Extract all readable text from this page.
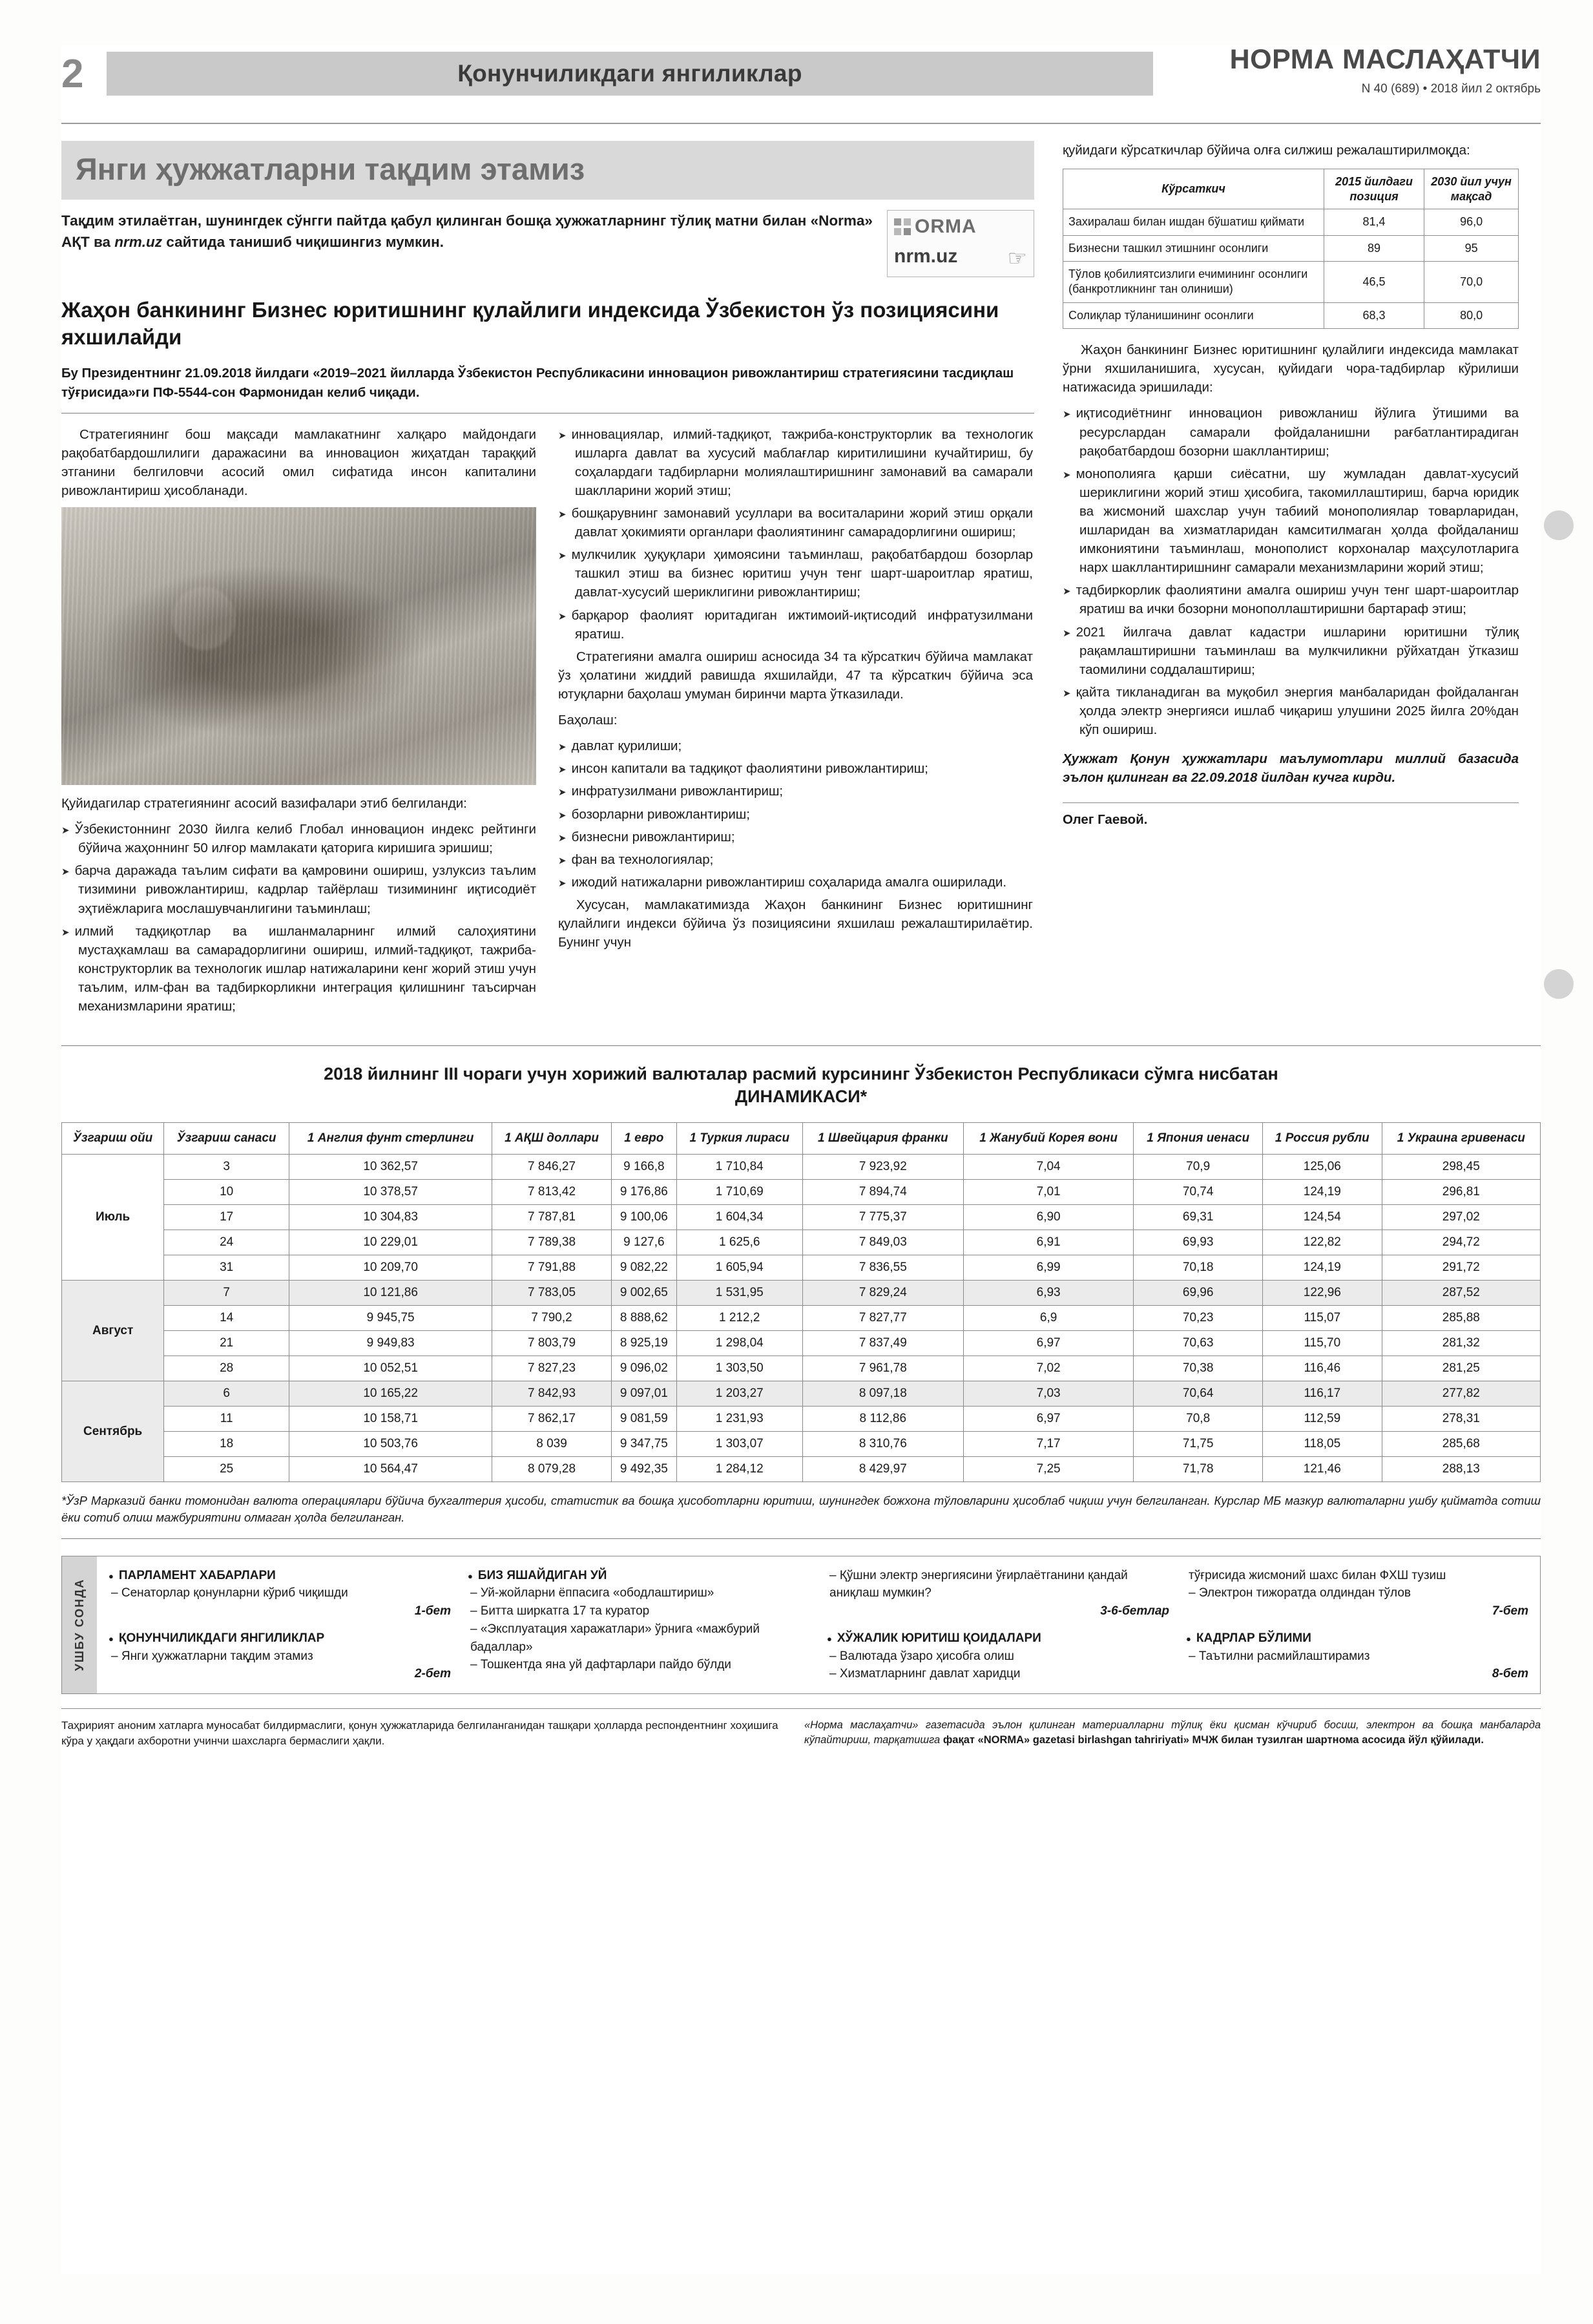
2	Қонунчиликдаги янгиликлар	НОРМА МАСЛАҲАТЧИ
N 40 (689) • 2018 йил 2 октябрь
Янги ҳужжатларни тақдим этамиз
Тақдим этилаётган, шунингдек сўнгги пайтда қабул қилинган бошқа ҳужжатларнинг тўлиқ матни билан «Norma» АҚТ ва nrm.uz сайтида танишиб чиқишингиз мумкин.
ORMA
nrm.uz	☞
Жаҳон банкининг Бизнес юритишнинг қулайлиги индексида Ўзбекистон ўз позициясини яхшилайди
Бу Президентнинг 21.09.2018 йилдаги «2019–2021 йилларда Ўзбекистон Республикасини инновацион ривожлантириш стратегиясини тасдиқлаш тўғрисида»ги ПФ-5544-сон Фармонидан келиб чиқади.

Стратегиянинг бош мақсади мамлакатнинг халқаро майдондаги рақобатбардошлилиги даражасини ва инновацион жиҳатдан тараққий этганини белгиловчи асосий омил сифатида инсон капиталини ривожлантириш ҳисобланади.

Қуйидагилар стратегиянинг асосий вазифалари этиб белгиланди:

➤ Ўзбекистоннинг 2030 йилга келиб Глобал инновацион индекс рейтинги бўйича жаҳоннинг 50 илғор мамлакати қаторига киришига эришиш;

➤ барча даражада таълим сифати ва қамровини ошириш, узлуксиз таълим тизимини ривожлантириш, кадрлар тайёрлаш тизимининг иқтисодиёт эҳтиёжларига мослашувчанлигини таъминлаш;

➤ илмий тадқиқотлар ва ишланмаларнинг илмий салоҳиятини мустаҳкамлаш ва самарадорлигини ошириш, илмий-тадқиқот, тажриба-конструкторлик ва технологик ишлар натижаларини кенг жорий этиш учун таълим, илм-фан ва тадбиркорликни интеграция қилишнинг таъсирчан механизмларини яратиш;

➤ инновациялар, илмий-тадқиқот, тажриба-конструкторлик ва технологик ишларга давлат ва хусусий маблағлар киритилишини кучайтириш, бу соҳалардаги тадбирларни молиялаштиришнинг замонавий ва самарали шаклларини жорий этиш;

➤ бошқарувнинг замонавий усуллари ва воситаларини жорий этиш орқали давлат ҳокимияти органлари фаолиятининг самарадорлигини ошириш;

➤ мулкчилик ҳуқуқлари ҳимоясини таъминлаш, рақобатбардош бозорлар ташкил этиш ва бизнес юритиш учун тенг шарт-шароитлар яратиш, давлат-хусусий шериклигини ривожлантириш;

➤ барқарор фаолият юритадиган ижтимоий-иқтисодий инфратузилмани яратиш.

Стратегияни амалга ошириш асносида 34 та кўрсаткич бўйича мамлакат ўз ҳолатини жиддий равишда яхшилайди, 47 та кўрсаткич бўйича эса ютуқларни баҳолаш умуман биринчи марта ўтказилади.

Баҳолаш:

➤ давлат қурилиши;

➤ инсон капитали ва тадқиқот фаолиятини ривожлантириш;

➤ инфратузилмани ривожлантириш;

➤ бозорларни ривожлантириш;

➤ бизнесни ривожлантириш;

➤ фан ва технологиялар;

➤ ижодий натижаларни ривожлантириш соҳаларида амалга оширилади.

Хусусан, мамлакатимизда Жаҳон банкининг Бизнес юритишнинг қулайлиги индекси бўйича ўз позициясини яхшилаш режалаштирилаётир. Бунинг учун

қуйидаги кўрсаткичлар бўйича олға силжиш режалаштирилмоқда:

Кўрсаткич	2015 йилдаги позиция	2030 йил учун мақсад
Захиралаш билан ишдан бўшатиш қиймати	81,4	96,0
Бизнесни ташкил этишнинг осонлиги	89	95
Тўлов қобилиятсизлиги ечимининг осонлиги (банкротликнинг тан олиниши)	46,5	70,0
Солиқлар тўланишининг осонлиги	68,3	80,0

Жаҳон банкининг Бизнес юритишнинг қулайлиги индексида мамлакат ўрни яхшиланишига, хусусан, қуйидаги чора-тадбирлар кўрилиши натижасида эришилади:

➤ иқтисодиётнинг инновацион ривожланиш йўлига ўтишими ва ресурслардан самарали фойдаланишни рағбатлантирадиган рақобатбардош бозорни шакллантириш;

➤ монополияга қарши сиёсатни, шу жумладан давлат-хусусий шериклигини жорий этиш ҳисобига, такомиллаштириш, барча юридик ва жисмоний шахслар учун табиий монополиялар товарларидан, ишларидан ва хизматларидан камситилмаган ҳолда фойдаланиш имкониятини таъминлаш, монополист корхоналар маҳсулотларига нарх шакллантиришнинг самарали механизмларини жорий этиш;

➤ тадбиркорлик фаолиятини амалга ошириш учун тенг шарт-шароитлар яратиш ва ички бозорни монополлаштиришни бартараф этиш;

➤ 2021 йилгача давлат кадастри ишларини юритишни тўлиқ рақамлаштиришни таъминлаш ва мулкчиликни рўйхатдан ўтказиш таомилини соддалаштириш;

➤ қайта тикланадиган ва муқобил энергия манбаларидан фойдаланган ҳолда электр энергияси ишлаб чиқариш улушини 2025 йилга 20%дан кўп ошириш.

Ҳужжат Қонун ҳужжатлари маълумотлари миллий базасида эълон қилинган ва 22.09.2018 йилдан кучга кирди.

Олег Гаевой.
2018 йилнинг III чораги учун хорижий валюталар расмий курсининг Ўзбекистон Республикаси сўмга нисбатан
ДИНАМИКАСИ*
Ўзгариш ойи	Ўзгариш санаси	1 Англия фунт стерлинги	1 АҚШ доллари	1 евро	1 Туркия лираси	1 Швейцария франки	1 Жанубий Корея вони	1 Япония иенаси	1 Россия рубли	1 Украина гривенаси
Июль	3	10 362,57	7 846,27	9 166,8	1 710,84	7 923,92	7,04	70,9	125,06	298,45
	10	10 378,57	7 813,42	9 176,86	1 710,69	7 894,74	7,01	70,74	124,19	296,81
	17	10 304,83	7 787,81	9 100,06	1 604,34	7 775,37	6,90	69,31	124,54	297,02
	24	10 229,01	7 789,38	9 127,6	1 625,6	7 849,03	6,91	69,93	122,82	294,72
	31	10 209,70	7 791,88	9 082,22	1 605,94	7 836,55	6,99	70,18	124,19	291,72
Август	7	10 121,86	7 783,05	9 002,65	1 531,95	7 829,24	6,93	69,96	122,96	287,52
	14	9 945,75	7 790,2	8 888,62	1 212,2	7 827,77	6,9	70,23	115,07	285,88
	21	9 949,83	7 803,79	8 925,19	1 298,04	7 837,49	6,97	70,63	115,70	281,32
	28	10 052,51	7 827,23	9 096,02	1 303,50	7 961,78	7,02	70,38	116,46	281,25
Сентябрь	6	10 165,22	7 842,93	9 097,01	1 203,27	8 097,18	7,03	70,64	116,17	277,82
	11	10 158,71	7 862,17	9 081,59	1 231,93	8 112,86	6,97	70,8	112,59	278,31
	18	10 503,76	8 039	9 347,75	1 303,07	8 310,76	7,17	71,75	118,05	285,68
	25	10 564,47	8 079,28	9 492,35	1 284,12	8 429,97	7,25	71,78	121,46	288,13
*ЎзР Марказий банки томонидан валюта операциялари бўйича бухгалтерия ҳисоби, статистик ва бошқа ҳисоботларни юритиш, шунингдек божхона тўловларини ҳисоблаб чиқиш учун белгиланган. Курслар МБ мазкур валюталарни ушбу қийматда сотиш ёки сотиб олиш мажбуриятини олмаган ҳолда белгиланган.
УШБУ СОНДА
● ПАРЛАМЕНТ ХАБАРЛАРИ
– Сенаторлар қонунларни кўриб чиқишди
1-бет
● ҚОНУНЧИЛИКДАГИ ЯНГИЛИКЛАР
– Янги ҳужжатларни тақдим этамиз
2-бет
● БИЗ ЯШАЙДИГАН УЙ
– Уй-жойларни ёппасига «ободлаштириш»
– Битта ширкатга 17 та куратор
– «Эксплуатация харажатлари» ўрнига «мажбурий бадаллар»
– Тошкентда яна уй дафтарлари пайдо бўлди
– Қўшни электр энергиясини ўғирлаётганини қандай аниқлаш мумкин?
3-6-бетлар
● ХЎЖАЛИК ЮРИТИШ ҚОИДАЛАРИ
– Валютада ўзаро ҳисобга олиш
– Хизматларнинг давлат харидци
тўғрисида жисмоний шахс билан ФХШ тузиш
– Электрон тижоратда олдиндан тўлов
7-бет
● КАДРЛАР БЎЛИМИ
– Таътилни расмийлаштирамиз
8-бет
Таҳририят аноним хатларга муносабат билдирмаслиги, қонун ҳужжатларида белгиланганидан ташқари ҳолларда респондентнинг хоҳишига кўра у ҳақдаги ахборотни учинчи шахсларга бермаслиги ҳақли.
«Норма маслаҳатчи» газетасида эълон қилинган материалларни тўлиқ ёки қисман кўчириб босиш, электрон ва бошқа манбаларда кўпайтириш, тарқатишга фақат «NORMA» gazetasi birlashgan tahririyati» МЧЖ билан тузилган шартнома асосида йўл қўйилади.
